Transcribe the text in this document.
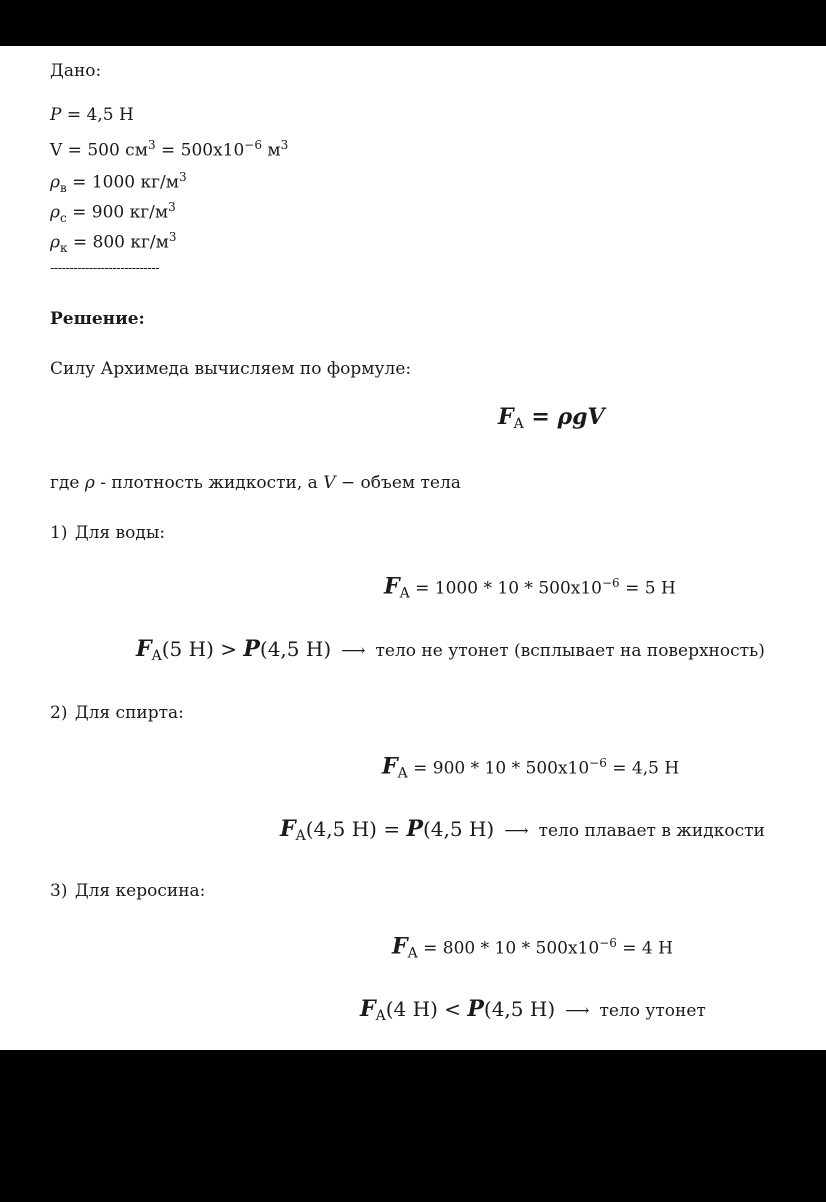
Дано:
P = 4,5 Н
V = 500 $см^3 = 500x10^{-6}$ $м^3$
$\rho_в = 1000$ $кг/м^3$
$\rho_с = 900$ $кг/м^3$
$\rho_к = 800$ $кг/м^3$
----------------------------
Решение:
Силу Архимеда вычисляем по формуле:
FA = ρgV
где ρ - плотность жидкости, а V − объем тела
1) Для воды:
$F_A = 1000 * 10 * 500x10^{-6} = 5$ Н
$F_A(5$ Н) > P(4,5 Н) ⟶ тело не утонет (всплывает на поверхность)
2) Для спирта:
$F_A = 900 * 10 * 500x10^{-6} = 4,5$ Н
$F_A(4,5$ Н) = P(4,5 Н) ⟶ тело плавает в жидкости
3) Для керосина:
$F_A = 800 * 10 * 500x10^{-6} = 4$ Н
$F_A(4$ Н) < P(4,5 Н) ⟶ тело утонет
